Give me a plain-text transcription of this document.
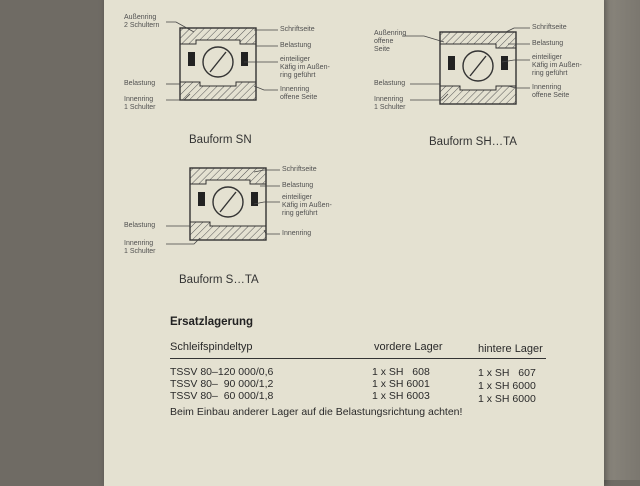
Außenring
2 Schultern
Schriftseite
Belastung
einteiliger
Käfig im Außen-
ring geführt
Belastung
Innenring
offene Seite
Innenring
1 Schulter
Bauform SN
Außenring
offene
Seite
Schriftseite
Belastung
einteiliger
Käfig im Außen-
ring geführt
Belastung
Innenring
offene Seite
Innenring
1 Schulter
Bauform SH…TA
Schriftseite
Belastung
einteiliger
Käfig im Außen-
ring geführt
Belastung
Innenring
Innenring
1 Schulter
Bauform S…TA
Ersatzlagerung
Schleifspindeltyp	vordere Lager	hintere Lager
TSSV 80–120 000/0,6	1 x SH   608	1 x SH   607
TSSV 80–  90 000/1,2	1 x SH 6001	1 x SH 6000
TSSV 80–  60 000/1,8	1 x SH 6003	1 x SH 6000
Beim Einbau anderer Lager auf die Belastungsrichtung achten!
